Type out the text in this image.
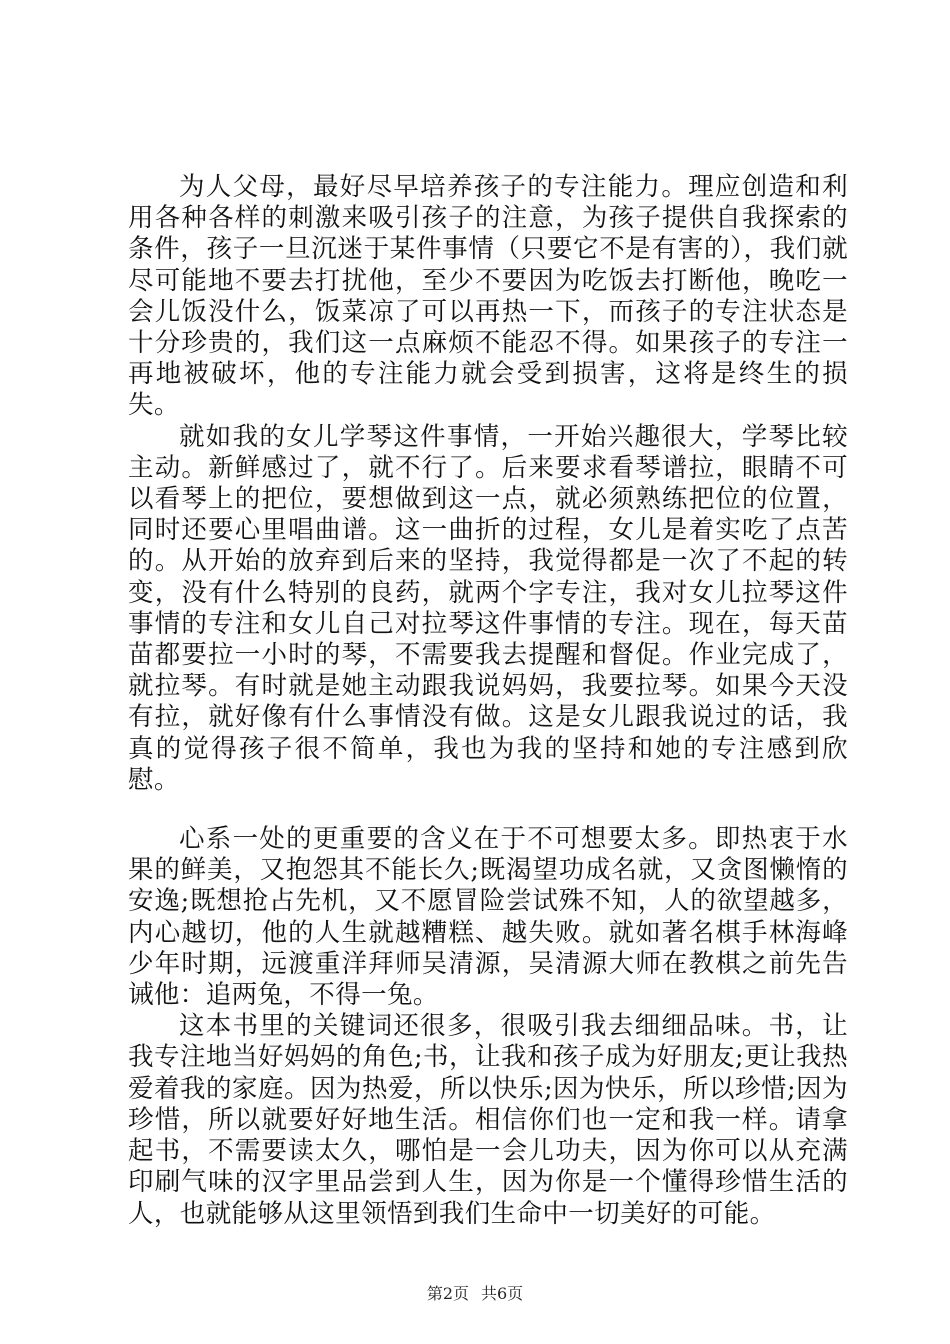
为人父母，最好尽早培养孩子的专注能力。理应创造和利用各种各样的刺激来吸引孩子的注意，为孩子提供自我探索的条件，孩子一旦沉迷于某件事情（只要它不是有害的），我们就尽可能地不要去打扰他，至少不要因为吃饭去打断他，晚吃一会儿饭没什么，饭菜凉了可以再热一下，而孩子的专注状态是十分珍贵的，我们这一点麻烦不能忍不得。如果孩子的专注一再地被破坏，他的专注能力就会受到损害，这将是终生的损失。

就如我的女儿学琴这件事情，一开始兴趣很大，学琴比较主动。新鲜感过了，就不行了。后来要求看琴谱拉，眼睛不可以看琴上的把位，要想做到这一点，就必须熟练把位的位置，同时还要心里唱曲谱。这一曲折的过程，女儿是着实吃了点苦的。从开始的放弃到后来的坚持，我觉得都是一次了不起的转变，没有什么特别的良药，就两个字专注，我对女儿拉琴这件事情的专注和女儿自己对拉琴这件事情的专注。现在，每天苗苗都要拉一小时的琴，不需要我去提醒和督促。作业完成了，就拉琴。有时就是她主动跟我说妈妈，我要拉琴。如果今天没有拉，就好像有什么事情没有做。这是女儿跟我说过的话，我真的觉得孩子很不简单，我也为我的坚持和她的专注感到欣慰。

心系一处的更重要的含义在于不可想要太多。即热衷于水果的鲜美，又抱怨其不能长久;既渴望功成名就，又贪图懒惰的安逸;既想抢占先机，又不愿冒险尝试殊不知，人的欲望越多，内心越切，他的人生就越糟糕、越失败。就如著名棋手林海峰少年时期，远渡重洋拜师吴清源，吴清源大师在教棋之前先告诫他：追两兔，不得一兔。

这本书里的关键词还很多，很吸引我去细细品味。书，让我专注地当好妈妈的角色;书，让我和孩子成为好朋友;更让我热爱着我的家庭。因为热爱，所以快乐;因为快乐，所以珍惜;因为珍惜，所以就要好好地生活。相信你们也一定和我一样。请拿起书，不需要读太久，哪怕是一会儿功夫，因为你可以从充满印刷气味的汉字里品尝到人生，因为你是一个懂得珍惜生活的人，也就能够从这里领悟到我们生命中一切美好的可能。

第2页 共6页
